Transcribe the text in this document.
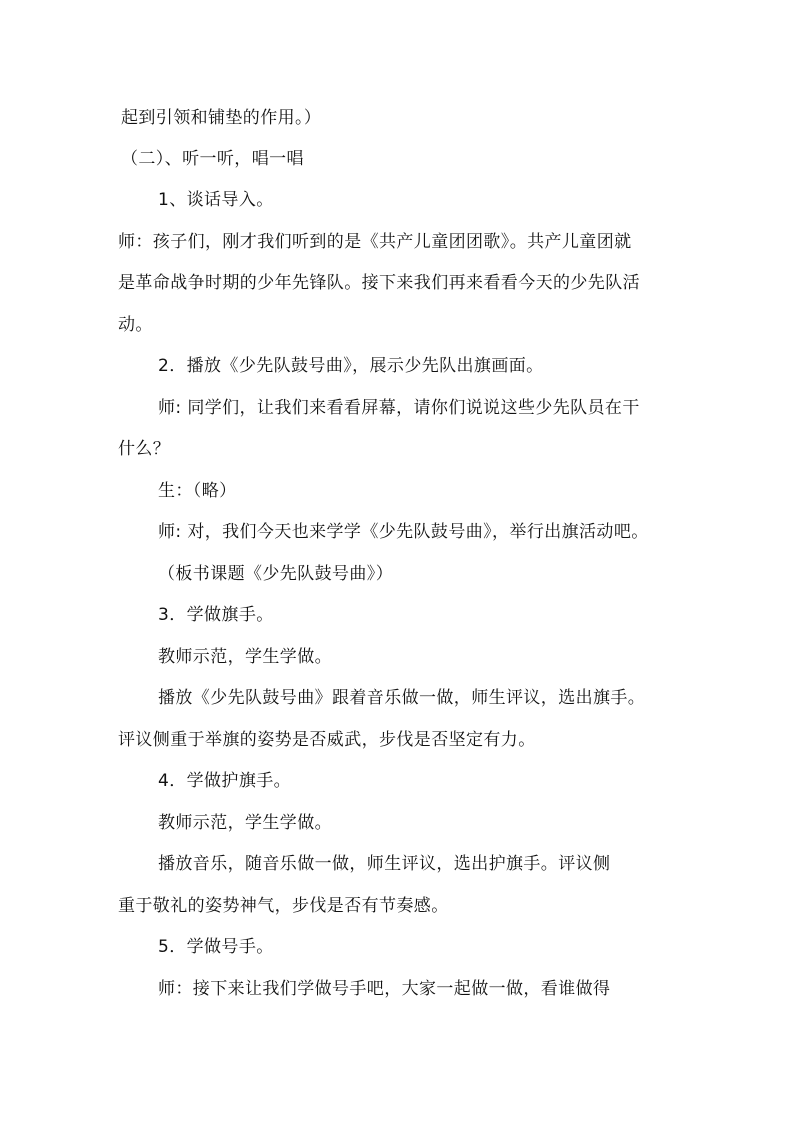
起到引领和铺垫的作用。）
（二）、听一听，唱一唱
1、谈话导入。
师：孩子们，刚才我们听到的是《共产儿童团团歌》。共产儿童团就
是革命战争时期的少年先锋队。接下来我们再来看看今天的少先队活
动。
2．播放《少先队鼓号曲》，展示少先队出旗画面。
师: 同学们，让我们来看看屏幕，请你们说说这些少先队员在干
什么？
生：（略）
师: 对，我们今天也来学学《少先队鼓号曲》，举行出旗活动吧。
（板书课题《少先队鼓号曲》）
3．学做旗手。
教师示范，学生学做。
播放《少先队鼓号曲》跟着音乐做一做，师生评议，选出旗手。
评议侧重于举旗的姿势是否威武，步伐是否坚定有力。
4．学做护旗手。
教师示范，学生学做。
播放音乐，随音乐做一做，师生评议，选出护旗手。评议侧
重于敬礼的姿势神气，步伐是否有节奏感。
5．学做号手。
师：接下来让我们学做号手吧，大家一起做一做，看谁做得
